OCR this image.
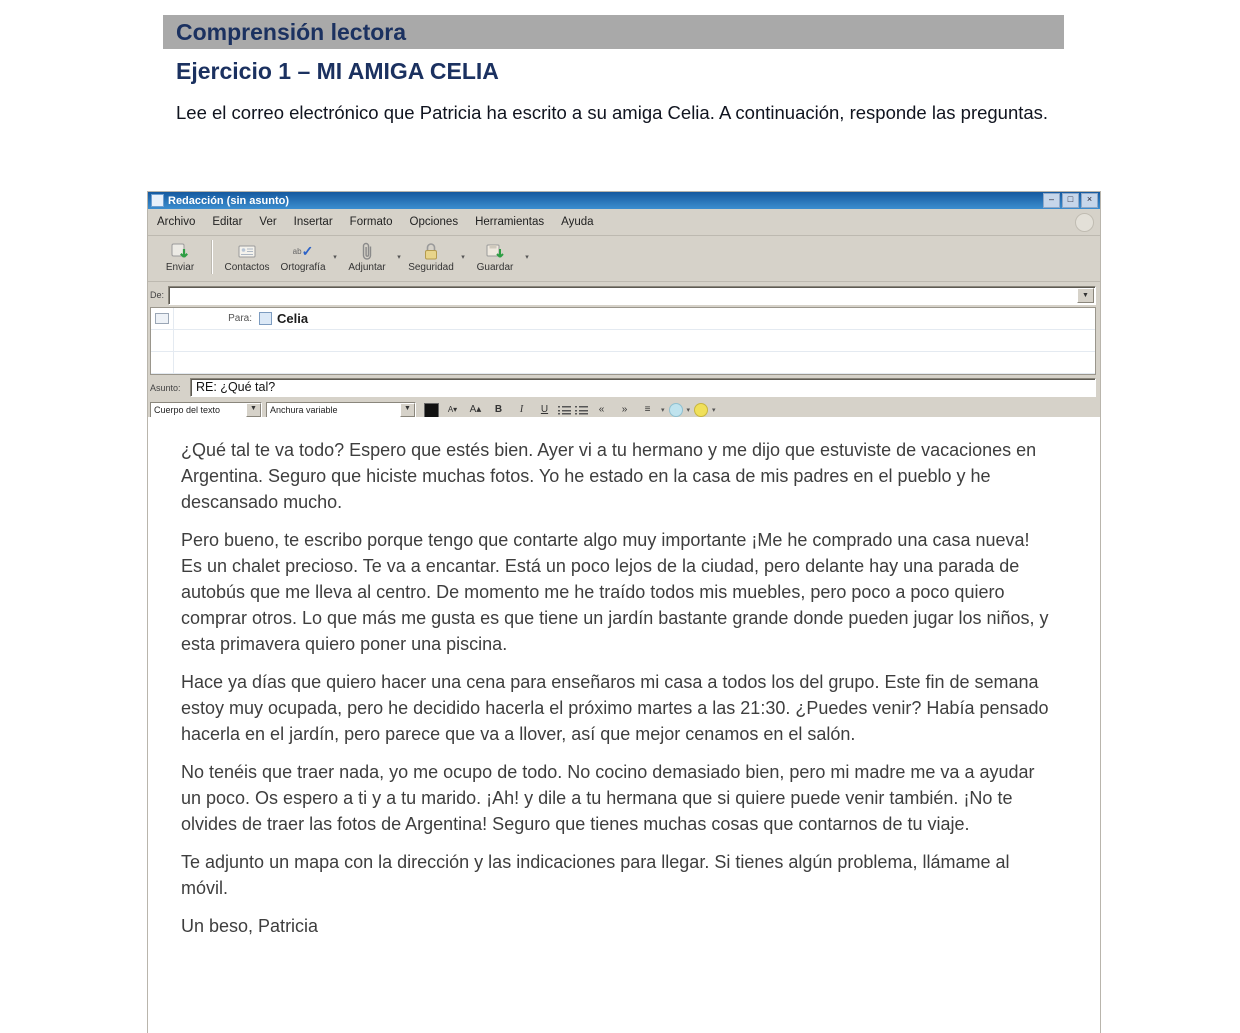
Comprensión lectora
Ejercicio 1 – MI AMIGA CELIA
Lee el correo electrónico que Patricia ha escrito a su amiga Celia. A continuación, responde las preguntas.
Redacción (sin asunto)	–	□	×
Archivo Editar Ver Insertar Formato Opciones Herramientas Ayuda
Enviar	Contactos
ab ✓
Ortografía
▾
Adjuntar
▾
Seguridad
▾
Guardar
▾
De:	▼
Para:	Celia
Asunto:	RE: ¿Qué tal?
Cuerpo del texto	▼	Anchura variable	▼	A▾	A▴	B	I	U	«	»	≡	▾	▾	▾

¿Qué tal te va todo? Espero que estés bien. Ayer vi a tu hermano y me dijo que estuviste de vacaciones en Argentina. Seguro que hiciste muchas fotos. Yo he estado en la casa de mis padres en el pueblo y he descansado mucho.

Pero bueno, te escribo porque tengo que contarte algo muy importante ¡Me he comprado una casa nueva! Es un chalet precioso. Te va a encantar. Está un poco lejos de la ciudad, pero delante hay una parada de autobús que me lleva al centro. De momento me he traído todos mis muebles, pero poco a poco quiero comprar otros. Lo que más me gusta es que tiene un jardín bastante grande donde pueden jugar los niños, y esta primavera quiero poner una piscina.

Hace ya días que quiero hacer una cena para enseñaros mi casa a todos los del grupo. Este fin de semana estoy muy ocupada, pero he decidido hacerla el próximo martes a las 21:30. ¿Puedes venir? Había pensado hacerla en el jardín, pero parece que va a llover, así que mejor cenamos en el salón.

No tenéis que traer nada, yo me ocupo de todo. No cocino demasiado bien, pero mi madre me va a ayudar un poco. Os espero a ti y a tu marido. ¡Ah! y dile a tu hermana que si quiere puede venir también. ¡No te olvides de traer las fotos de Argentina! Seguro que tienes muchas cosas que contarnos de tu viaje.

Te adjunto un mapa con la dirección y las indicaciones para llegar. Si tienes algún problema, llámame al móvil.

Un beso, Patricia
